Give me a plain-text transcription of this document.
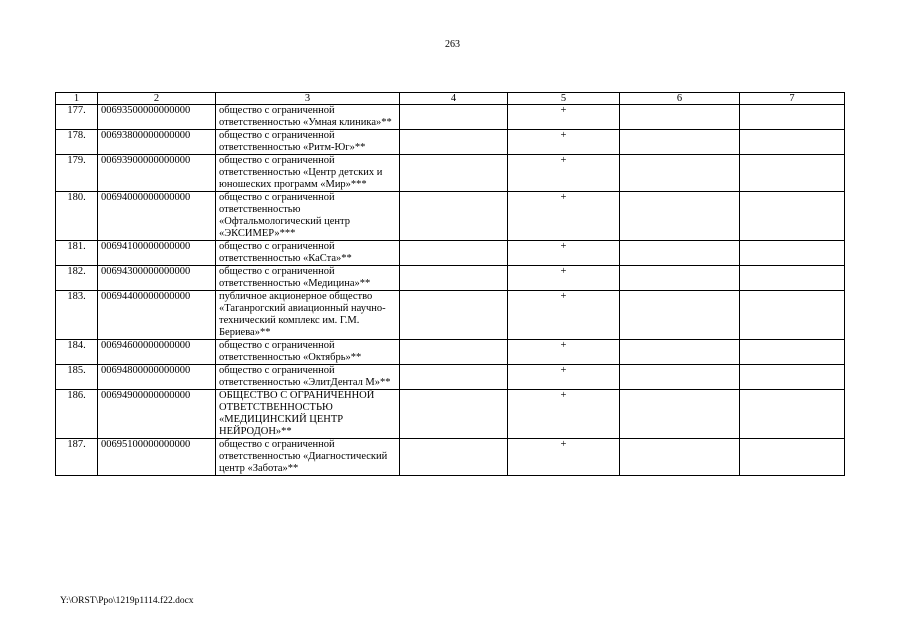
263
1	2	3	4	5	6	7
177.	00693500000000000	общество с ограниченной ответственностью «Умная клиника»**		+		
178.	00693800000000000	общество с ограниченной ответственностью «Ритм-Юг»**		+		
179.	00693900000000000	общество с ограниченной ответственностью «Центр детских и юношеских программ «Мир»***		+		
180.	00694000000000000	общество с ограниченной ответственностью «Офтальмологический центр «ЭКСИМЕР»***		+		
181.	00694100000000000	общество с ограниченной ответственностью «КаСта»**		+		
182.	00694300000000000	общество с ограниченной ответственностью «Медицина»**		+		
183.	00694400000000000	публичное акционерное общество «Таганрогский авиационный научно-технический комплекс им. Г.М. Бериева»**		+		
184.	00694600000000000	общество с ограниченной ответственностью «Октябрь»**		+		
185.	00694800000000000	общество с ограниченной ответственностью «ЭлитДентал М»**		+		
186.	00694900000000000	ОБЩЕСТВО С ОГРАНИЧЕННОЙ ОТВЕТСТВЕННОСТЬЮ «МЕДИЦИНСКИЙ ЦЕНТР НЕЙРОДОН»**		+		
187.	00695100000000000	общество с ограниченной ответственностью «Диагностический центр «Забота»**		+		
Y:\ORST\Ppo\1219p1114.f22.docx
